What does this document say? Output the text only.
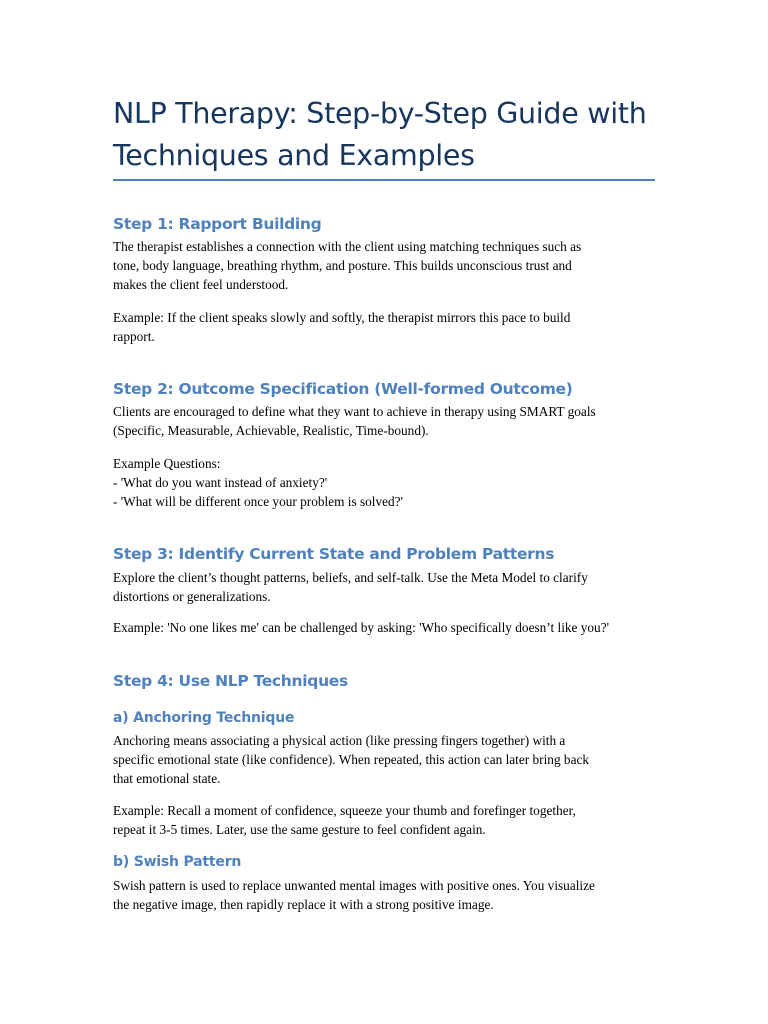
NLP Therapy: Step-by-Step Guide with
Techniques and Examples
Step 1: Rapport Building

The therapist establishes a connection with the client using matching techniques such as
tone, body language, breathing rhythm, and posture. This builds unconscious trust and
makes the client feel understood.

Example: If the client speaks slowly and softly, the therapist mirrors this pace to build
rapport.

Step 2: Outcome Specification (Well-formed Outcome)

Clients are encouraged to define what they want to achieve in therapy using SMART goals
(Specific, Measurable, Achievable, Realistic, Time-bound).

Example Questions:
- 'What do you want instead of anxiety?'
- 'What will be different once your problem is solved?'

Step 3: Identify Current State and Problem Patterns

Explore the client’s thought patterns, beliefs, and self-talk. Use the Meta Model to clarify
distortions or generalizations.

Example: 'No one likes me' can be challenged by asking: 'Who specifically doesn’t like you?'

Step 4: Use NLP Techniques
a) Anchoring Technique

Anchoring means associating a physical action (like pressing fingers together) with a
specific emotional state (like confidence). When repeated, this action can later bring back
that emotional state.

Example: Recall a moment of confidence, squeeze your thumb and forefinger together,
repeat it 3-5 times. Later, use the same gesture to feel confident again.

b) Swish Pattern

Swish pattern is used to replace unwanted mental images with positive ones. You visualize
the negative image, then rapidly replace it with a strong positive image.
